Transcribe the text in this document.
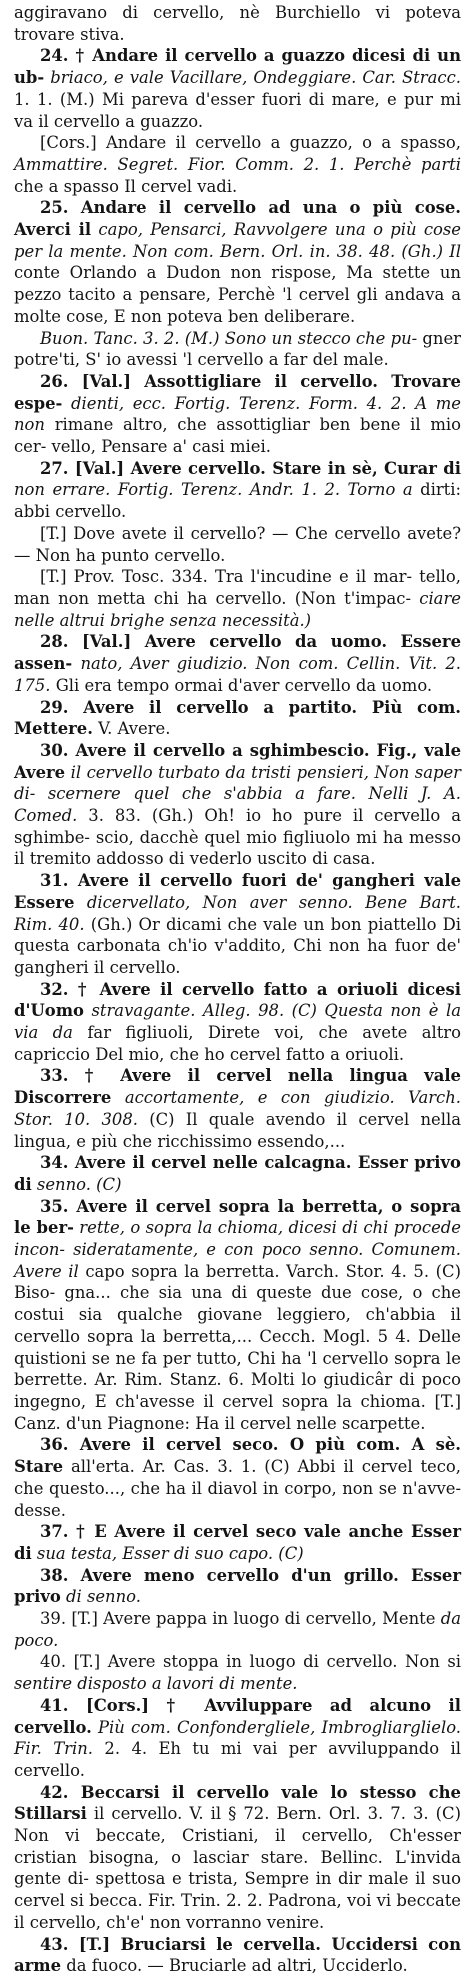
aggiravano di cervello, nè Burchiello vi poteva trovare stiva.

24. † Andare il cervello a guazzo dicesi di un ub- briaco, e vale Vacillare, Ondeggiare. Car. Stracc. 1. 1. (M.) Mi pareva d'esser fuori di mare, e pur mi va il cervello a guazzo.

[Cors.] Andare il cervello a guazzo, o a spasso, Ammattire. Segret. Fior. Comm. 2. 1. Perchè parti che a spasso Il cervel vadi.

25. Andare il cervello ad una o più cose. Averci il capo, Pensarci, Ravvolgere una o più cose per la mente. Non com. Bern. Orl. in. 38. 48. (Gh.) Il conte Orlando a Dudon non rispose, Ma stette un pezzo tacito a pensare, Perchè 'l cervel gli andava a molte cose, E non poteva ben deliberare.

Buon. Tanc. 3. 2. (M.) Sono un stecco che pu- gner potre'ti, S' io avessi 'l cervello a far del male.

26. [Val.] Assottigliare il cervello. Trovare espe- dienti, ecc. Fortig. Terenz. Form. 4. 2. A me non rimane altro, che assottigliar ben bene il mio cer- vello, Pensare a' casi miei.

27. [Val.] Avere cervello. Stare in sè, Curar di non errare. Fortig. Terenz. Andr. 1. 2. Torno a dirti: abbi cervello.

[T.] Dove avete il cervello? — Che cervello avete? — Non ha punto cervello.

[T.] Prov. Tosc. 334. Tra l'incudine e il mar- tello, man non metta chi ha cervello. (Non t'impac- ciare nelle altrui brighe senza necessità.)

28. [Val.] Avere cervello da uomo. Essere assen- nato, Aver giudizio. Non com. Cellin. Vit. 2. 175. Gli era tempo ormai d'aver cervello da uomo.

29. Avere il cervello a partito. Più com. Mettere. V. Avere.

30. Avere il cervello a sghimbescio. Fig., vale Avere il cervello turbato da tristi pensieri, Non saper di- scernere quel che s'abbia a fare. Nelli J. A. Comed. 3. 83. (Gh.) Oh! io ho pure il cervello a sghimbe- scio, dacchè quel mio figliuolo mi ha messo il tremito addosso di vederlo uscito di casa.

31. Avere il cervello fuori de' gangheri vale Essere dicervellato, Non aver senno. Bene Bart. Rim. 40. (Gh.) Or dicami che vale un bon piattello Di questa carbonata ch'io v'addito, Chi non ha fuor de' gangheri il cervello.

32. † Avere il cervello fatto a oriuoli dicesi d'Uomo stravagante. Alleg. 98. (C) Questa non è la via da far figliuoli, Direte voi, che avete altro capriccio Del mio, che ho cervel fatto a oriuoli.

33. † Avere il cervel nella lingua vale Discorrere accortamente, e con giudizio. Varch. Stor. 10. 308. (C) Il quale avendo il cervel nella lingua, e più che ricchissimo essendo,...

34. Avere il cervel nelle calcagna. Esser privo di senno. (C)

35. Avere il cervel sopra la berretta, o sopra le ber- rette, o sopra la chioma, dicesi di chi procede incon- sideratamente, e con poco senno. Comunem. Avere il capo sopra la berretta. Varch. Stor. 4. 5. (C) Biso- gna... che sia una di queste due cose, o che costui sia qualche giovane leggiero, ch'abbia il cervello sopra la berretta,... Cecch. Mogl. 5 4. Delle quistioni se ne fa per tutto, Chi ha 'l cervello sopra le berrette. Ar. Rim. Stanz. 6. Molti lo giudicâr di poco ingegno, E ch'avesse il cervel sopra la chioma. [T.] Canz. d'un Piagnone: Ha il cervel nelle scarpette.

36. Avere il cervel seco. O più com. A sè. Stare all'erta. Ar. Cas. 3. 1. (C) Abbi il cervel teco, che questo..., che ha il diavol in corpo, non se n'avve- desse.

37. † E Avere il cervel seco vale anche Esser di sua testa, Esser di suo capo. (C)

38. Avere meno cervello d'un grillo. Esser privo di senno.

39. [T.] Avere pappa in luogo di cervello, Mente da poco.

40. [T.] Avere stoppa in luogo di cervello. Non si sentire disposto a lavori di mente.

41. [Cors.] † Avviluppare ad alcuno il cervello. Più com. Confondergliele, Imbrogliarglielo. Fir. Trin. 2. 4. Eh tu mi vai per avviluppando il cervello.

42. Beccarsi il cervello vale lo stesso che Stillarsi il cervello. V. il § 72. Bern. Orl. 3. 7. 3. (C) Non vi beccate, Cristiani, il cervello, Ch'esser cristian bisogna, o lasciar stare. Bellinc. L'invida gente di- spettosa e trista, Sempre in dir male il suo cervel si becca. Fir. Trin. 2. 2. Padrona, voi vi beccate il cervello, ch'e' non vorranno venire.

43. [T.] Bruciarsi le cervella. Uccidersi con arme da fuoco. — Bruciarle ad altri, Ucciderlo.
